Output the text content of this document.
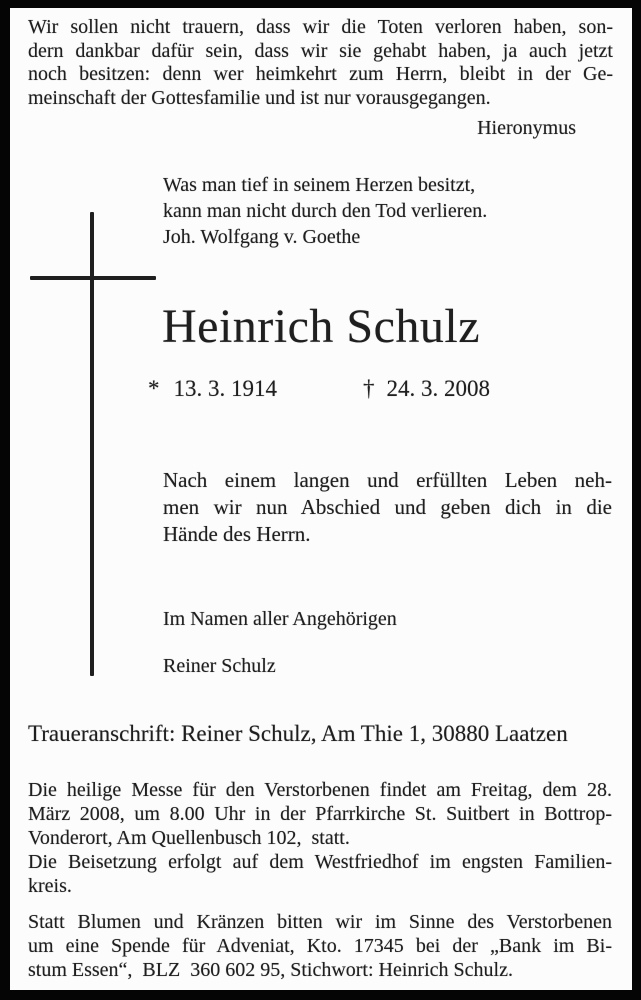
Wir sollen nicht trauern, dass wir die Toten verloren haben, son-
dern dankbar dafür sein, dass wir sie gehabt haben, ja auch jetzt
noch besitzen: denn wer heimkehrt zum Herrn, bleibt in der Ge-
meinschaft der Gottesfamilie und ist nur vorausgegangen.
Hieronymus
Was man tief in seinem Herzen besitzt,
kann man nicht durch den Tod verlieren.
Joh. Wolfgang v. Goethe
Heinrich Schulz
* 13. 3. 1914	† 24. 3. 2008
Nach einem langen und erfüllten Leben neh-
men wir nun Abschied und geben dich in die
Hände des Herrn.
Im Namen aller Angehörigen
Reiner Schulz
Traueranschrift: Reiner Schulz, Am Thie 1, 30880 Laatzen
Die heilige Messe für den Verstorbenen findet am Freitag, dem 28.
März 2008, um 8.00 Uhr in der Pfarrkirche St. Suitbert in Bottrop-
Vonderort, Am Quellenbusch 102,  statt.
Die Beisetzung erfolgt auf dem Westfriedhof im engsten Familien-
kreis.
Statt Blumen und Kränzen bitten wir im Sinne des Verstorbenen
um eine Spende für Adveniat, Kto. 17345 bei der „Bank im Bi-
stum Essen“,  BLZ  360 602 95, Stichwort: Heinrich Schulz.
